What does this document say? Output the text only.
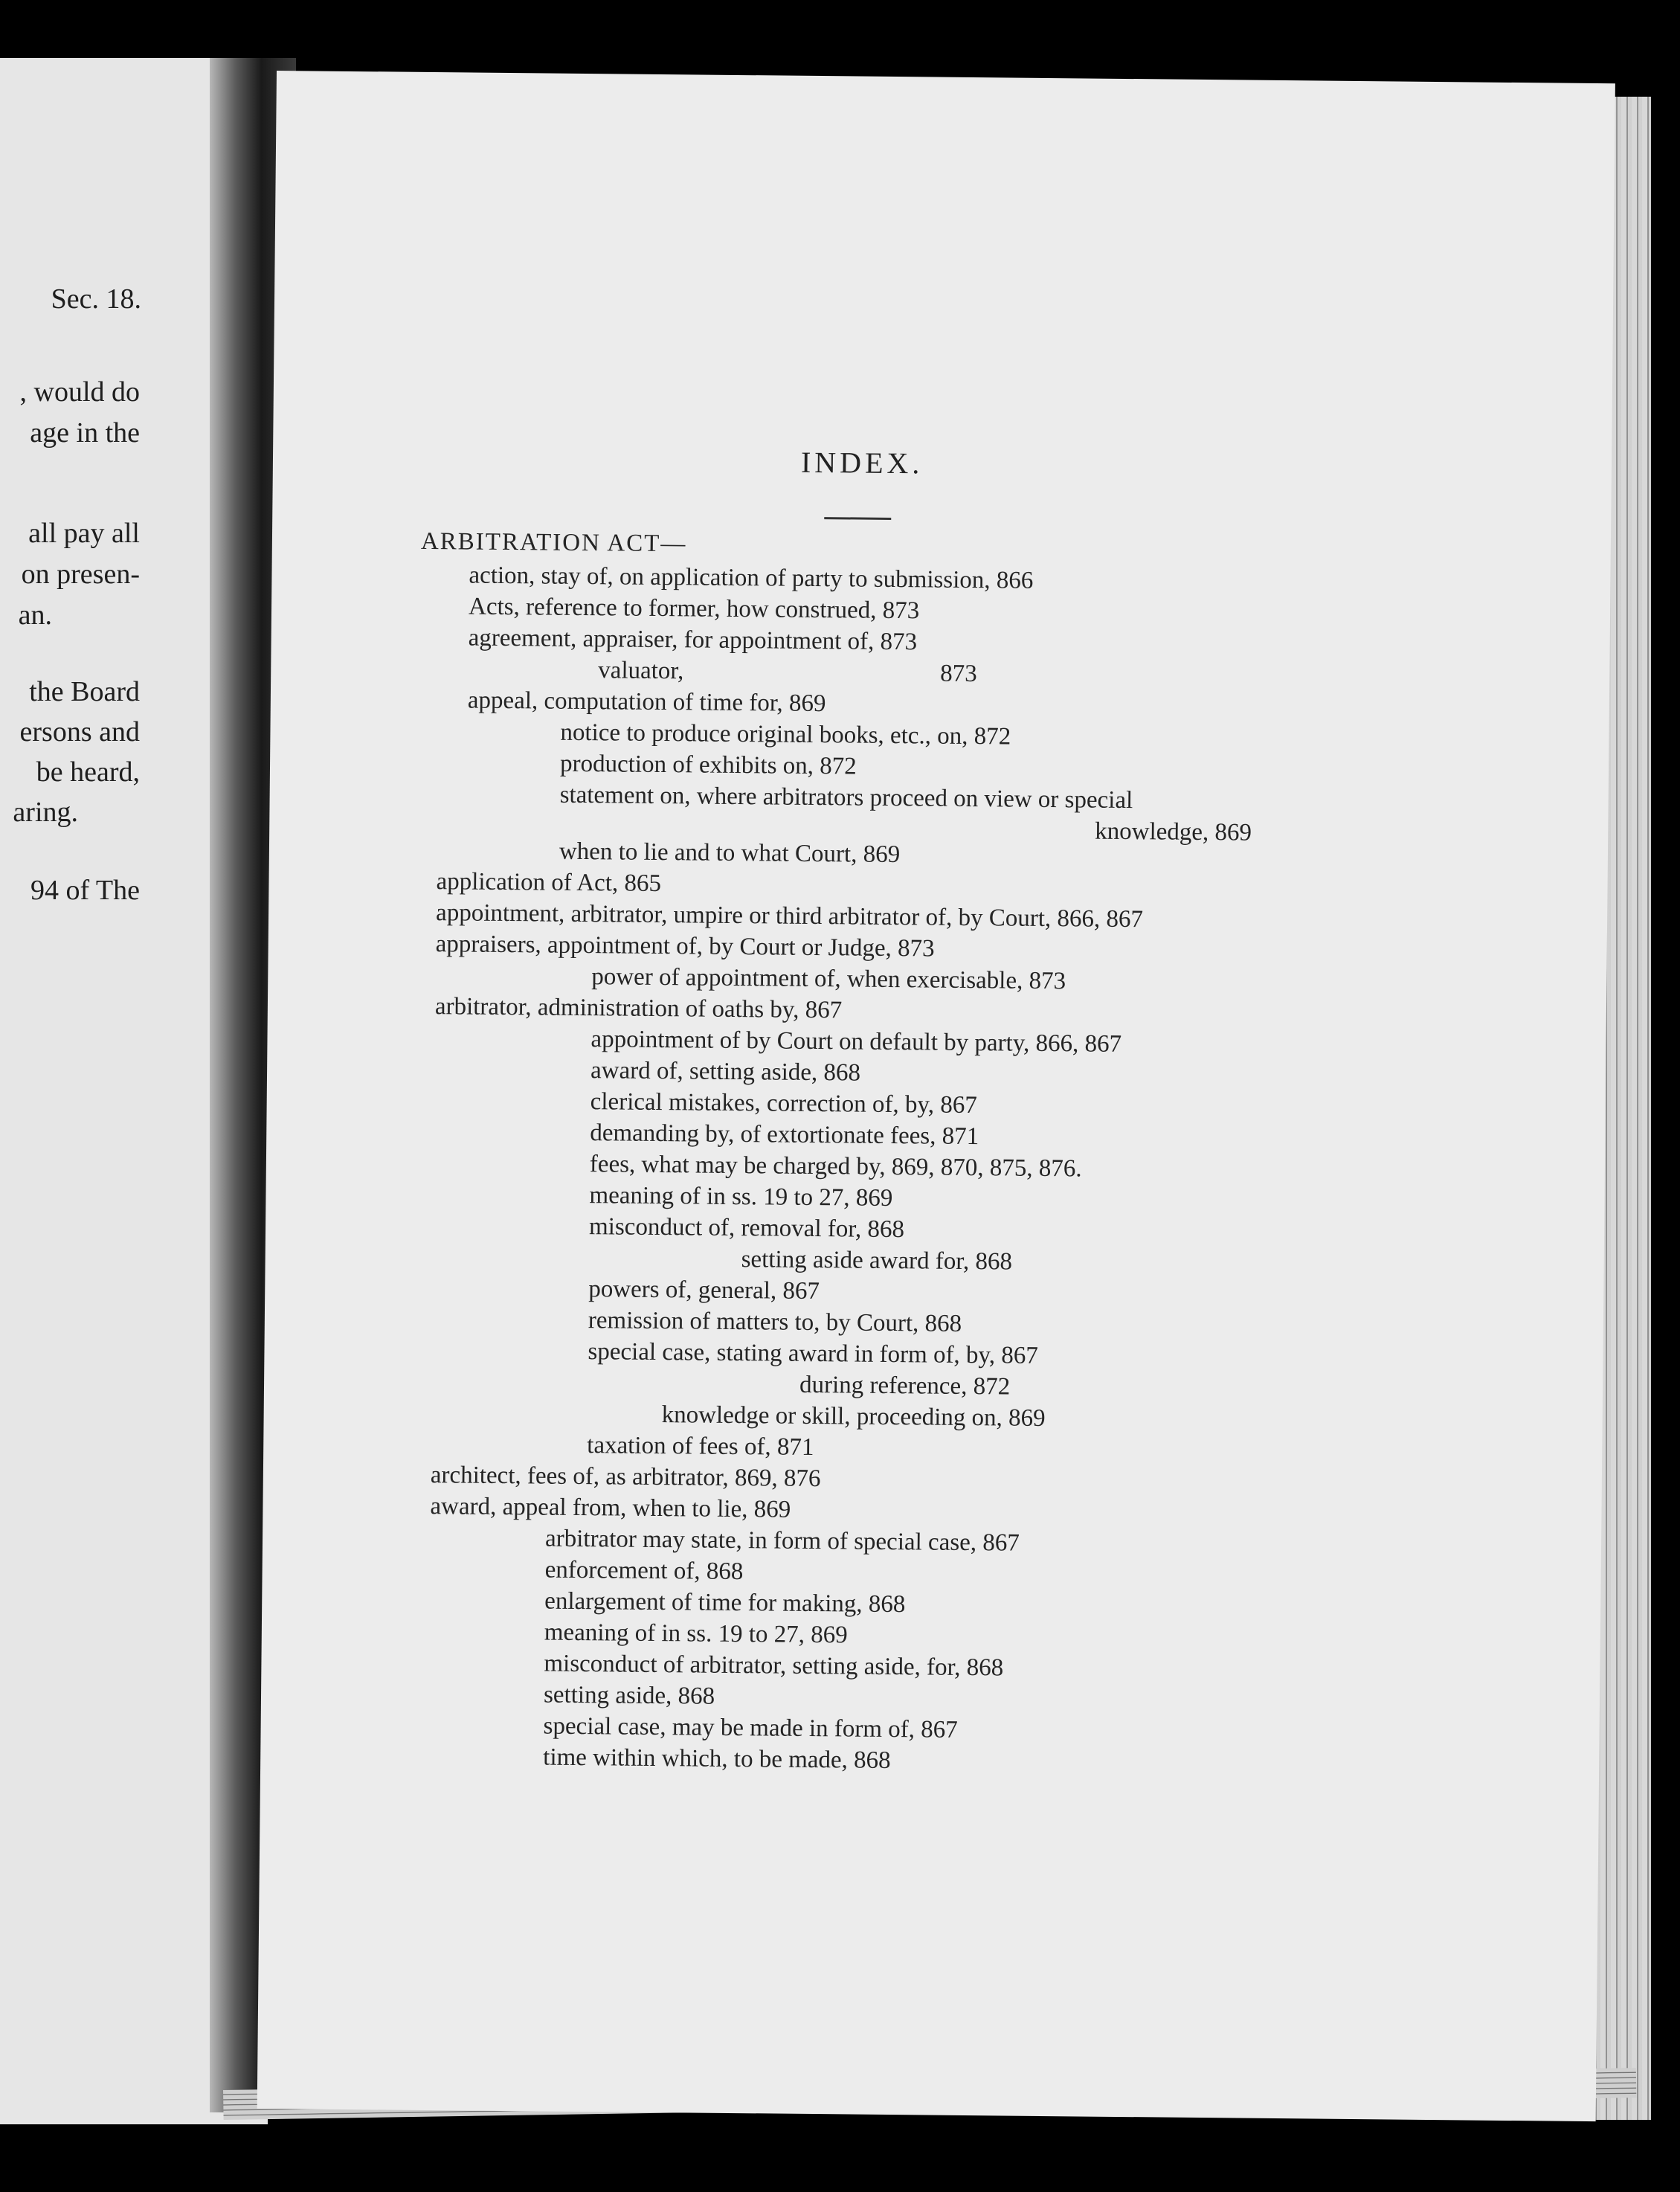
Sec. 18.
, would do
age in the
all pay all
on presen-
an.
the Board
ersons and
be heard,
aring.
94 of The
INDEX.
ARBITRATION ACT—
action, stay of, on application of party to submission, 866
Acts, reference to former, how construed, 873
agreement, appraiser, for appointment of, 873
valuator,	873
appeal, computation of time for, 869
notice to produce original books, etc., on, 872
production of exhibits on, 872
statement on, where arbitrators proceed on view or special
knowledge, 869
when to lie and to what Court, 869
application of Act, 865
appointment, arbitrator, umpire or third arbitrator of, by Court, 866, 867
appraisers, appointment of, by Court or Judge, 873
power of appointment of, when exercisable, 873
arbitrator, administration of oaths by, 867
appointment of by Court on default by party, 866, 867
award of, setting aside, 868
clerical mistakes, correction of, by, 867
demanding by, of extortionate fees, 871
fees, what may be charged by, 869, 870, 875, 876.
meaning of in ss. 19 to 27, 869
misconduct of, removal for, 868
setting aside award for, 868
powers of, general, 867
remission of matters to, by Court, 868
special case, stating award in form of, by, 867
during reference, 872
knowledge or skill, proceeding on, 869
taxation of fees of, 871
architect, fees of, as arbitrator, 869, 876
award, appeal from, when to lie, 869
arbitrator may state, in form of special case, 867
enforcement of, 868
enlargement of time for making, 868
meaning of in ss. 19 to 27, 869
misconduct of arbitrator, setting aside, for, 868
setting aside, 868
special case, may be made in form of, 867
time within which, to be made, 868
